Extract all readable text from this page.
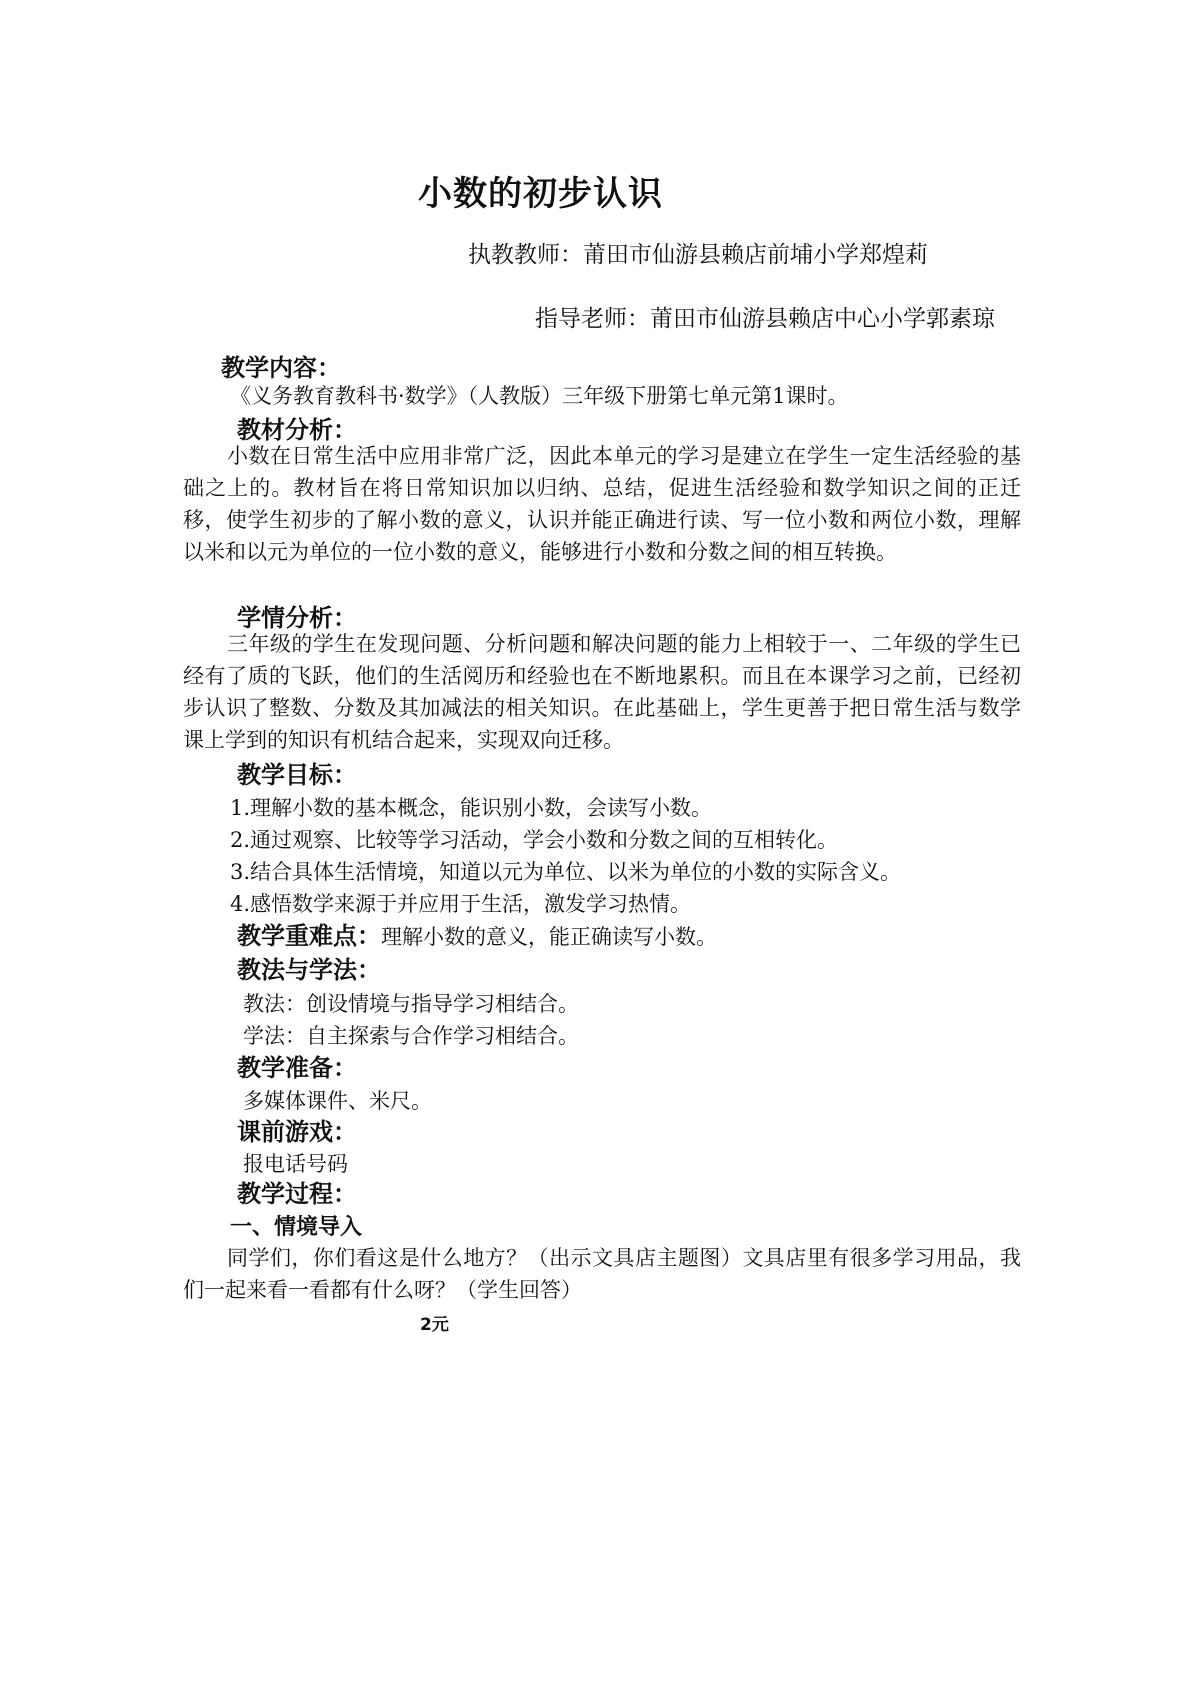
小数的初步认识
执教教师：莆田市仙游县赖店前埔小学郑煌莉
指导老师：莆田市仙游县赖店中心小学郭素琼
教学内容：
《义务教育教科书·数学》（人教版）三年级下册第七单元第1课时。
教材分析：
小数在日常生活中应用非常广泛，因此本单元的学习是建立在学生一定生活经验的基础之上的。教材旨在将日常知识加以归纳、总结，促进生活经验和数学知识之间的正迁移，使学生初步的了解小数的意义，认识并能正确进行读、写一位小数和两位小数，理解以米和以元为单位的一位小数的意义，能够进行小数和分数之间的相互转换。
学情分析：
三年级的学生在发现问题、分析问题和解决问题的能力上相较于一、二年级的学生已经有了质的飞跃，他们的生活阅历和经验也在不断地累积。而且在本课学习之前，已经初步认识了整数、分数及其加减法的相关知识。在此基础上，学生更善于把日常生活与数学课上学到的知识有机结合起来，实现双向迁移。
教学目标：
1.理解小数的基本概念，能识别小数，会读写小数。
2.通过观察、比较等学习活动，学会小数和分数之间的互相转化。
3.结合具体生活情境，知道以元为单位、以米为单位的小数的实际含义。
4.感悟数学来源于并应用于生活，激发学习热情。
教学重难点：理解小数的意义，能正确读写小数。
教法与学法：
教法：创设情境与指导学习相结合。
学法：自主探索与合作学习相结合。
教学准备：
多媒体课件、米尺。
课前游戏：
报电话号码
教学过程：
一、情境导入
同学们，你们看这是什么地方？（出示文具店主题图）文具店里有很多学习用品，我们一起来看一看都有什么呀？（学生回答）
2元
